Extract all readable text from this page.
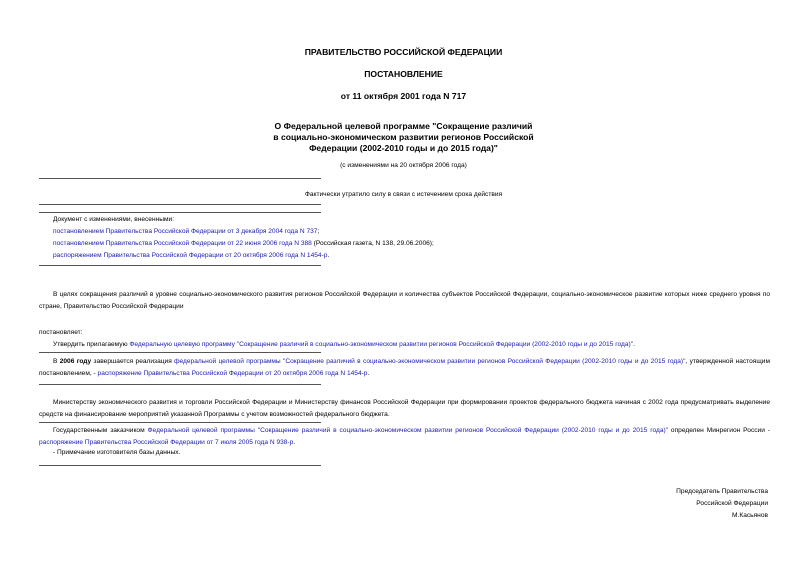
ПРАВИТЕЛЬСТВО РОССИЙСКОЙ ФЕДЕРАЦИИ
ПОСТАНОВЛЕНИЕ
от 11 октября 2001 года N 717
О Федеральной целевой программе "Сокращение различий
в социально-экономическом развитии регионов Российской
Федерации (2002-2010 годы и до 2015 года)"
(с изменениями на 20 октября 2006 года)
Фактически утратило силу в связи с истечением срока действия
Документ с изменениями, внесенными:
постановлением Правительства Российской Федерации от 3 декабря 2004 года N 737;
постановлением Правительства Российской Федерации от 22 июня 2006 года N 388 (Российская газета, N 138, 29.06.2006);
распоряжением Правительства Российской Федерации от 20 октября 2006 года N 1454-р.

В целях сокращения различий в уровне социально-экономического развития регионов Российской Федерации и количества субъектов Российской Федерации, социально-экономическое развитие которых ниже среднего уровня по стране, Правительство Российской Федерации

постановляет:

Утвердить прилагаемую Федеральную целевую программу "Сокращение различий в социально-экономическом развитии регионов Российской Федерации (2002-2010 годы и до 2015 года)".

В 2006 году завершается реализация федеральной целевой программы "Сокращение различий в социально-экономическом развитии регионов Российской Федерации (2002-2010 годы и до 2015 года)", утвержденной настоящим постановлением, - распоряжение Правительства Российской Федерации от 20 октября 2006 года N 1454-р.

Министерству экономического развития и торговли Российской Федерации и Министерству финансов Российской Федерации при формировании проектов федерального бюджета начиная с 2002 года предусматривать выделение средств на финансирование мероприятий указанной Программы с учетом возможностей федерального бюджета.

Государственным заказчиком Федеральной целевой программы "Сокращение различий в социально-экономическом развитии регионов Российской Федерации (2002-2010 годы и до 2015 года)" определен Минрегион России - распоряжение Правительства Российской Федерации от 7 июля 2005 года N 938-р.

- Примечание изготовителя базы данных.
Председатель Правительства
Российской Федерации
М.Касьянов
